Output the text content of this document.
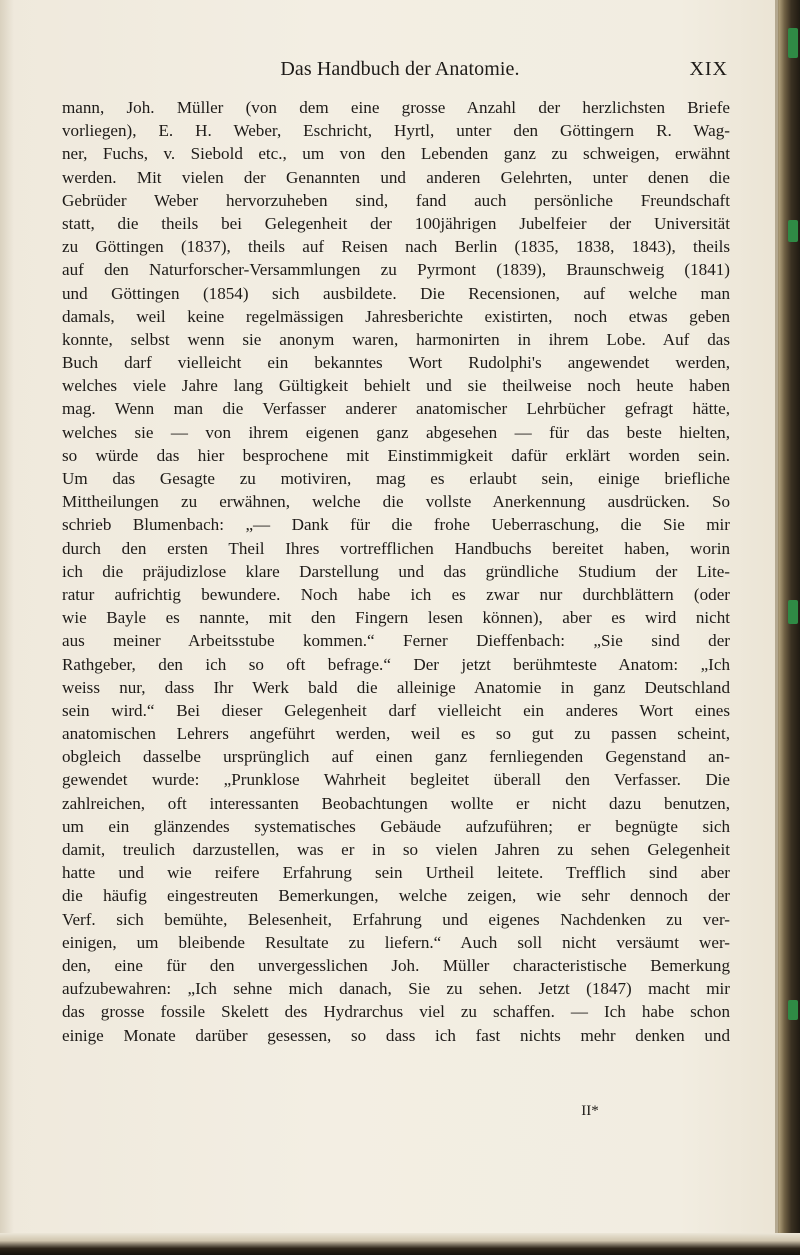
Das Handbuch der Anatomie.	XIX
mann, Joh. Müller (von dem eine grosse Anzahl der herzlichsten Briefe
vorliegen), E. H. Weber, Eschricht, Hyrtl, unter den Göttingern R. Wag-
ner, Fuchs, v. Siebold etc., um von den Lebenden ganz zu schweigen, erwähnt
werden. Mit vielen der Genannten und anderen Gelehrten, unter denen die
Gebrüder Weber hervorzuheben sind, fand auch persönliche Freundschaft
statt, die theils bei Gelegenheit der 100jährigen Jubelfeier der Universität
zu Göttingen (1837), theils auf Reisen nach Berlin (1835, 1838, 1843), theils
auf den Naturforscher-Versammlungen zu Pyrmont (1839), Braunschweig (1841)
und Göttingen (1854) sich ausbildete. Die Recensionen, auf welche man
damals, weil keine regelmässigen Jahresberichte existirten, noch etwas geben
konnte, selbst wenn sie anonym waren, harmonirten in ihrem Lobe. Auf das
Buch darf vielleicht ein bekanntes Wort Rudolphi's angewendet werden,
welches viele Jahre lang Gültigkeit behielt und sie theilweise noch heute haben
mag. Wenn man die Verfasser anderer anatomischer Lehrbücher gefragt hätte,
welches sie — von ihrem eigenen ganz abgesehen — für das beste hielten,
so würde das hier besprochene mit Einstimmigkeit dafür erklärt worden sein.
Um das Gesagte zu motiviren, mag es erlaubt sein, einige briefliche
Mittheilungen zu erwähnen, welche die vollste Anerkennung ausdrücken. So
schrieb Blumenbach: „— Dank für die frohe Ueberraschung, die Sie mir
durch den ersten Theil Ihres vortrefflichen Handbuchs bereitet haben, worin
ich die präjudizlose klare Darstellung und das gründliche Studium der Lite-
ratur aufrichtig bewundere. Noch habe ich es zwar nur durchblättern (oder
wie Bayle es nannte, mit den Fingern lesen können), aber es wird nicht
aus meiner Arbeitsstube kommen.“ Ferner Dieffenbach: „Sie sind der
Rathgeber, den ich so oft befrage.“ Der jetzt berühmteste Anatom: „Ich
weiss nur, dass Ihr Werk bald die alleinige Anatomie in ganz Deutschland
sein wird.“ Bei dieser Gelegenheit darf vielleicht ein anderes Wort eines
anatomischen Lehrers angeführt werden, weil es so gut zu passen scheint,
obgleich dasselbe ursprünglich auf einen ganz fernliegenden Gegenstand an-
gewendet wurde: „Prunklose Wahrheit begleitet überall den Verfasser. Die
zahlreichen, oft interessanten Beobachtungen wollte er nicht dazu benutzen,
um ein glänzendes systematisches Gebäude aufzuführen; er begnügte sich
damit, treulich darzustellen, was er in so vielen Jahren zu sehen Gelegenheit
hatte und wie reifere Erfahrung sein Urtheil leitete. Trefflich sind aber
die häufig eingestreuten Bemerkungen, welche zeigen, wie sehr dennoch der
Verf. sich bemühte, Belesenheit, Erfahrung und eigenes Nachdenken zu ver-
einigen, um bleibende Resultate zu liefern.“ Auch soll nicht versäumt wer-
den, eine für den unvergesslichen Joh. Müller characteristische Bemerkung
aufzubewahren: „Ich sehne mich danach, Sie zu sehen. Jetzt (1847) macht mir
das grosse fossile Skelett des Hydrarchus viel zu schaffen. — Ich habe schon
einige Monate darüber gesessen, so dass ich fast nichts mehr denken und
II*
